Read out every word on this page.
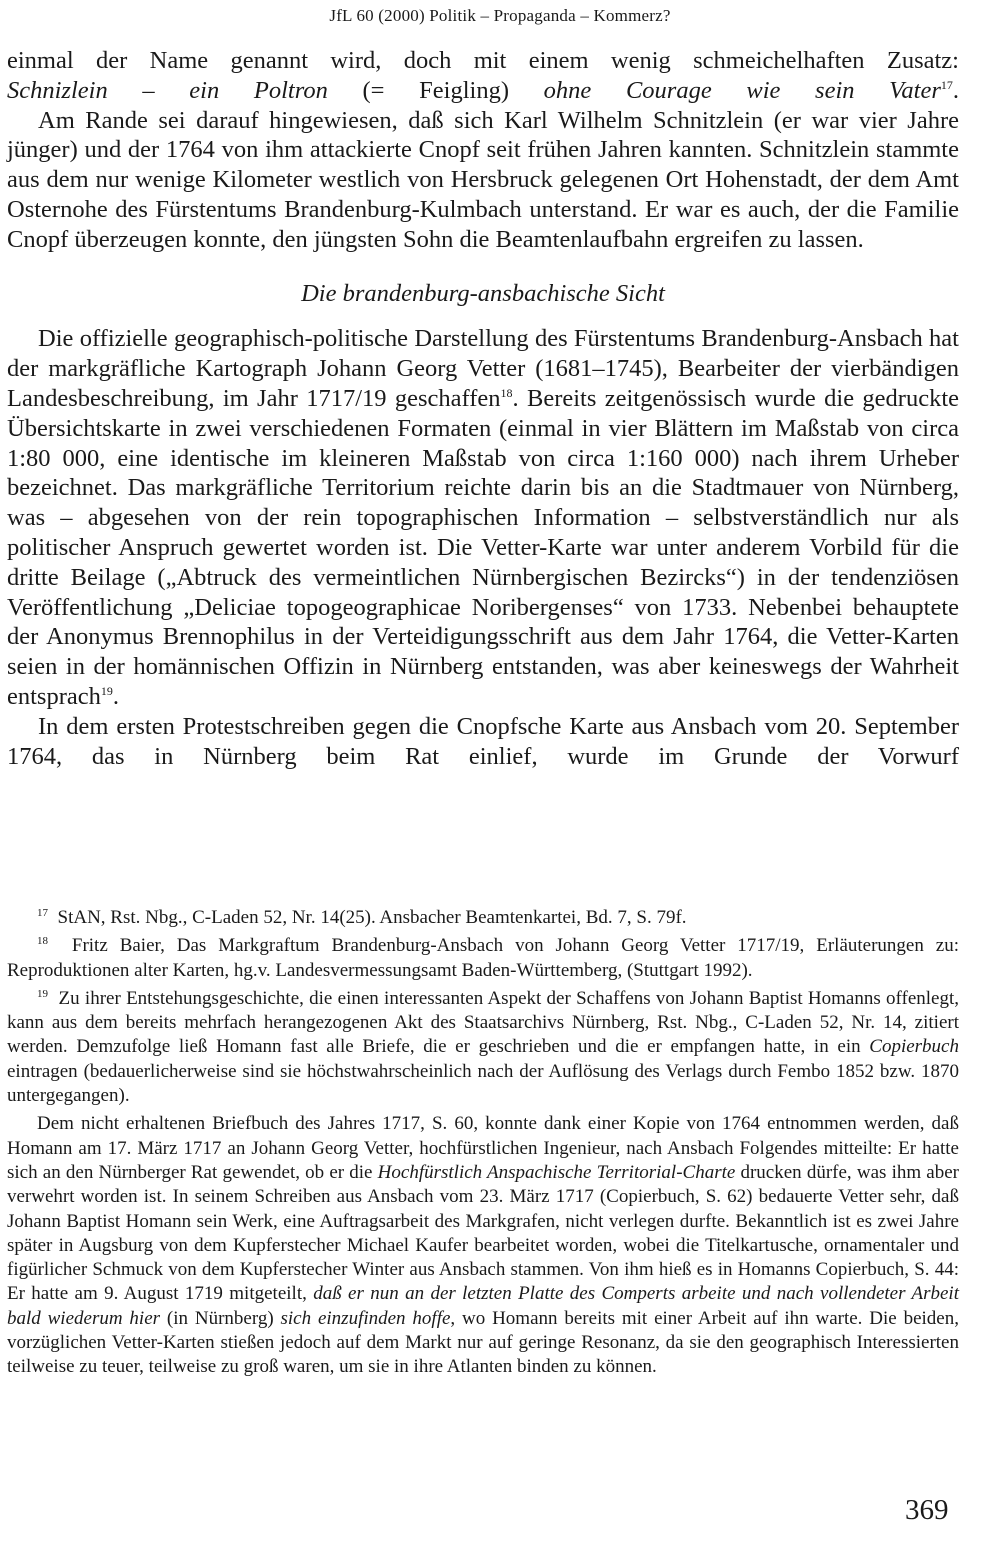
JfL 60 (2000) Politik – Propaganda – Kommerz?

einmal der Name genannt wird, doch mit einem wenig schmeichelhaften Zusatz:
Schnizlein – ein Poltron (= Feigling) ohne Courage wie sein Vater$^{17}$.

Am Rande sei darauf hingewiesen, daß sich Karl Wilhelm Schnitzlein (er war vier Jahre jünger) und der 1764 von ihm attackierte Cnopf seit frühen Jahren kannten. Schnitzlein stammte aus dem nur wenige Kilometer westlich von Hersbruck gelegenen Ort Hohenstadt, der dem Amt Osternohe des Fürstentums Brandenburg-Kulmbach unterstand. Er war es auch, der die Familie Cnopf überzeugen konnte, den jüngsten Sohn die Beamtenlaufbahn ergreifen zu lassen.

Die brandenburg-ansbachische Sicht

Die offizielle geographisch-politische Darstellung des Fürstentums Brandenburg-Ansbach hat der markgräfliche Kartograph Johann Georg Vetter (1681–1745), Bearbeiter der vierbändigen Landesbeschreibung, im Jahr 1717/19 geschaffen$^{18}$. Bereits zeitgenössisch wurde die gedruckte Übersichtskarte in zwei verschiedenen Formaten (einmal in vier Blättern im Maßstab von circa 1:80 000, eine identische im kleineren Maßstab von circa 1:160 000) nach ihrem Urheber bezeichnet. Das markgräfliche Territorium reichte darin bis an die Stadtmauer von Nürnberg, was – abgesehen von der rein topographischen Information – selbstverständlich nur als politischer Anspruch gewertet worden ist. Die Vetter-Karte war unter anderem Vorbild für die dritte Beilage („Abtruck des vermeintlichen Nürnbergischen Bezircks“) in der tendenziösen Veröffentlichung „Deliciae topogeographicae Noribergenses“ von 1733. Nebenbei behauptete der Anonymus Brennophilus in der Verteidigungsschrift aus dem Jahr 1764, die Vetter-Karten seien in der homännischen Offizin in Nürnberg entstanden, was aber keineswegs der Wahrheit entsprach$^{19}$.

In dem ersten Protestschreiben gegen die Cnopfsche Karte aus Ansbach vom 20. September 1764, das in Nürnberg beim Rat einlief, wurde im Grunde der Vorwurf

$^{17}$ StAN, Rst. Nbg., C-Laden 52, Nr. 14(25). Ansbacher Beamtenkartei, Bd. 7, S. 79f.

$^{18}$ Fritz Baier, Das Markgraftum Brandenburg-Ansbach von Johann Georg Vetter 1717/19, Erläuterungen zu: Reproduktionen alter Karten, hg.v. Landesvermessungsamt Baden-Württemberg, (Stuttgart 1992).

$^{19}$ Zu ihrer Entstehungsgeschichte, die einen interessanten Aspekt der Schaffens von Johann Baptist Homanns offenlegt, kann aus dem bereits mehrfach herangezogenen Akt des Staatsarchivs Nürnberg, Rst. Nbg., C-Laden 52, Nr. 14, zitiert werden. Demzufolge ließ Homann fast alle Briefe, die er geschrieben und die er empfangen hatte, in ein Copierbuch eintragen (bedauerlicherweise sind sie höchstwahrscheinlich nach der Auflösung des Verlags durch Fembo 1852 bzw. 1870 untergegangen).

Dem nicht erhaltenen Briefbuch des Jahres 1717, S. 60, konnte dank einer Kopie von 1764 entnommen werden, daß Homann am 17. März 1717 an Johann Georg Vetter, hochfürstlichen Ingenieur, nach Ansbach Folgendes mitteilte: Er hatte sich an den Nürnberger Rat gewendet, ob er die Hochfürstlich Anspachische Territorial-Charte drucken dürfe, was ihm aber verwehrt worden ist. In seinem Schreiben aus Ansbach vom 23. März 1717 (Copierbuch, S. 62) bedauerte Vetter sehr, daß Johann Baptist Homann sein Werk, eine Auftragsarbeit des Markgrafen, nicht verlegen durfte. Bekanntlich ist es zwei Jahre später in Augsburg von dem Kupferstecher Michael Kaufer bearbeitet worden, wobei die Titelkartusche, ornamentaler und figürlicher Schmuck von dem Kupferstecher Winter aus Ansbach stammen. Von ihm hieß es in Homanns Copierbuch, S. 44: Er hatte am 9. August 1719 mitgeteilt, daß er nun an der letzten Platte des Comperts arbeite und nach vollendeter Arbeit bald wiederum hier (in Nürnberg) sich einzufinden hoffe, wo Homann bereits mit einer Arbeit auf ihn warte. Die beiden, vorzüglichen Vetter-Karten stießen jedoch auf dem Markt nur auf geringe Resonanz, da sie den geographisch Interessierten teilweise zu teuer, teilweise zu groß waren, um sie in ihre Atlanten binden zu können.

369
